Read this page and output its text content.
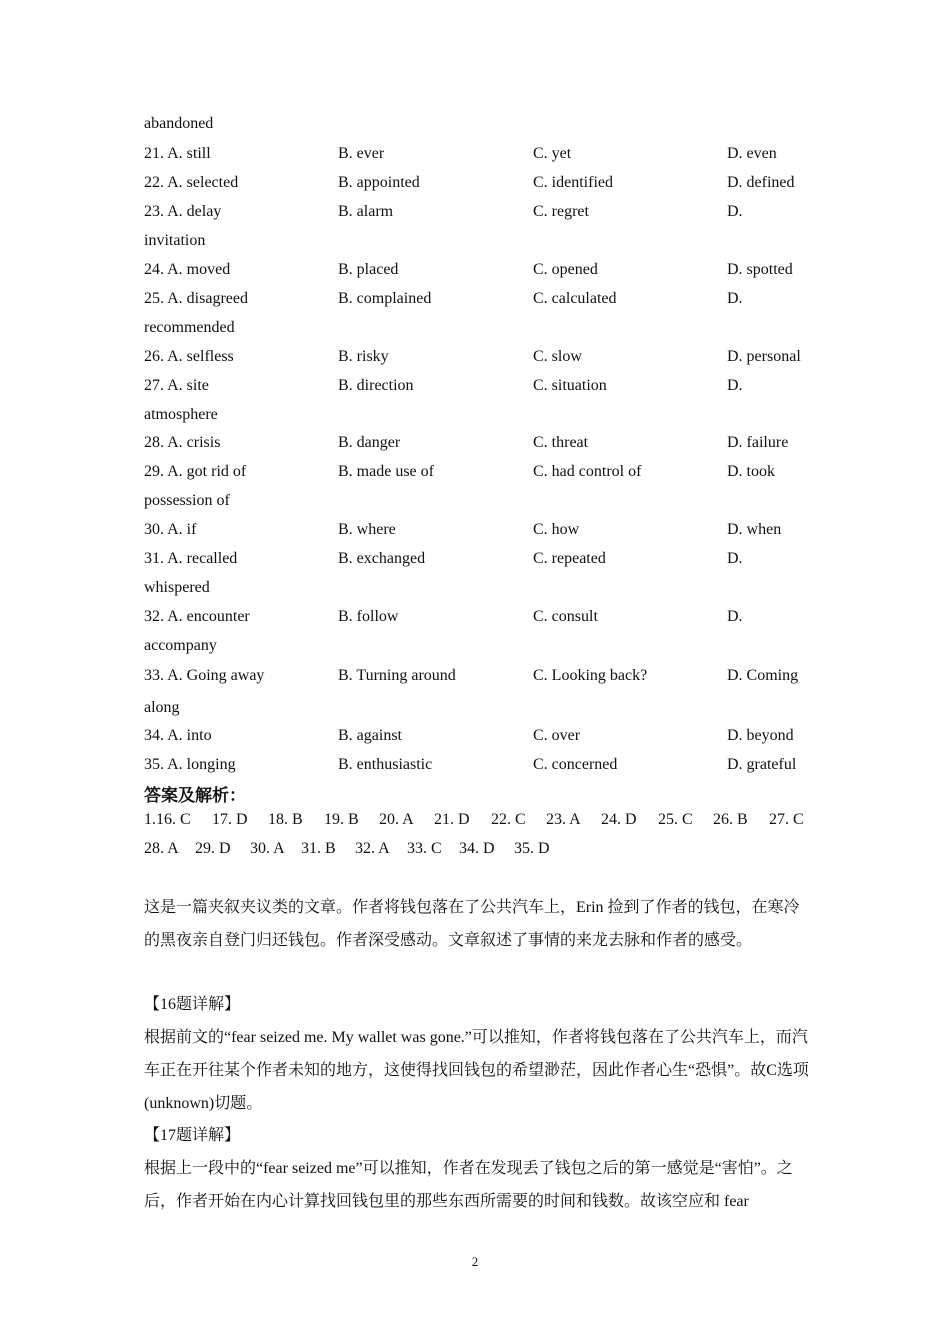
abandoned
21. A. still	B. ever	C. yet	D. even
22. A. selected	B. appointed	C. identified	D. defined
23. A. delay	B. alarm	C. regret	D.
invitation
24. A. moved	B. placed	C. opened	D. spotted
25. A. disagreed	B. complained	C. calculated	D.
recommended
26. A. selfless	B. risky	C. slow	D. personal
27. A. site	B. direction	C. situation	D.
atmosphere
28. A. crisis	B. danger	C. threat	D. failure
29. A. got rid of	B. made use of	C. had control of	D. took
possession of
30. A. if	B. where	C. how	D. when
31. A. recalled	B. exchanged	C. repeated	D.
whispered
32. A. encounter	B. follow	C. consult	D.
accompany
33. A. Going away	B. Turning around	C. Looking back?	D. Coming
along
34. A. into	B. against	C. over	D. beyond
35. A. longing	B. enthusiastic	C. concerned	D. grateful
答案及解析：
1.16. C 17. D 18. B 19. B 20. A 21. D 22. C 23. A 24. D 25. C 26. B 27. C
28. A 29. D 30. A 31. B 32. A 33. C 34. D 35. D
这是一篇夹叙夹议类的文章。作者将钱包落在了公共汽车上，Erin 捡到了作者的钱包，在寒冷的黑夜亲自登门归还钱包。作者深受感动。文章叙述了事情的来龙去脉和作者的感受。
【16题详解】
根据前文的“fear seized me. My wallet was gone.”可以推知，作者将钱包落在了公共汽车上，而汽车正在开往某个作者未知的地方，这使得找回钱包的希望渺茫，因此作者心生“恐惧”。故C选项(unknown)切题。
【17题详解】
根据上一段中的“fear seized me”可以推知，作者在发现丢了钱包之后的第一感觉是“害怕”。之后，作者开始在内心计算找回钱包里的那些东西所需要的时间和钱数。故该空应和 fear
2
